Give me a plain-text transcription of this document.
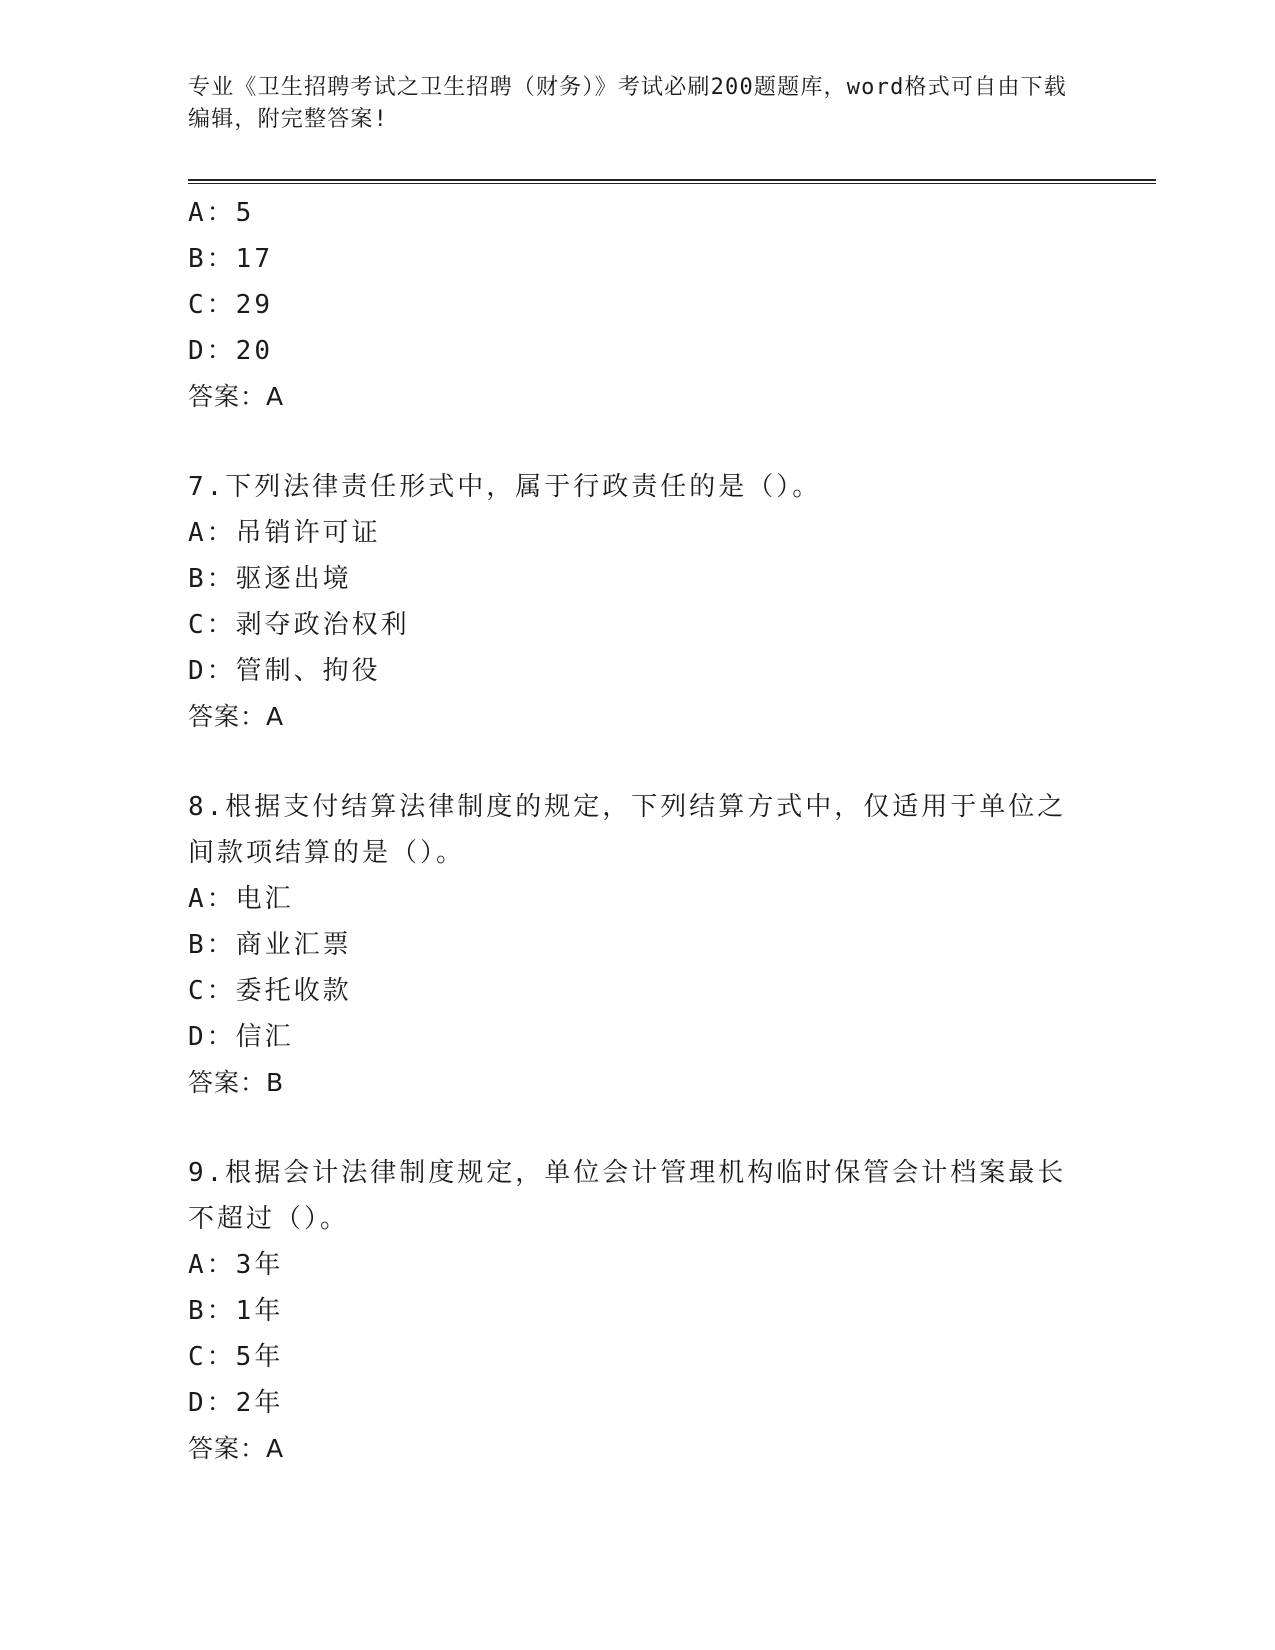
专业《卫生招聘考试之卫生招聘（财务）》考试必刷200题题库，word格式可自由下载编辑，附完整答案!

A：5
B：17
C：29
D：20
答案：A
7.下列法律责任形式中，属于行政责任的是（）。
A：吊销许可证
B：驱逐出境
C：剥夺政治权利
D：管制、拘役
答案：A
8.根据支付结算法律制度的规定，下列结算方式中，仅适用于单位之间款项结算的是（）。
A：电汇
B：商业汇票
C：委托收款
D：信汇
答案：B
9.根据会计法律制度规定，单位会计管理机构临时保管会计档案最长不超过（）。
A：3年
B：1年
C：5年
D：2年
答案：A
